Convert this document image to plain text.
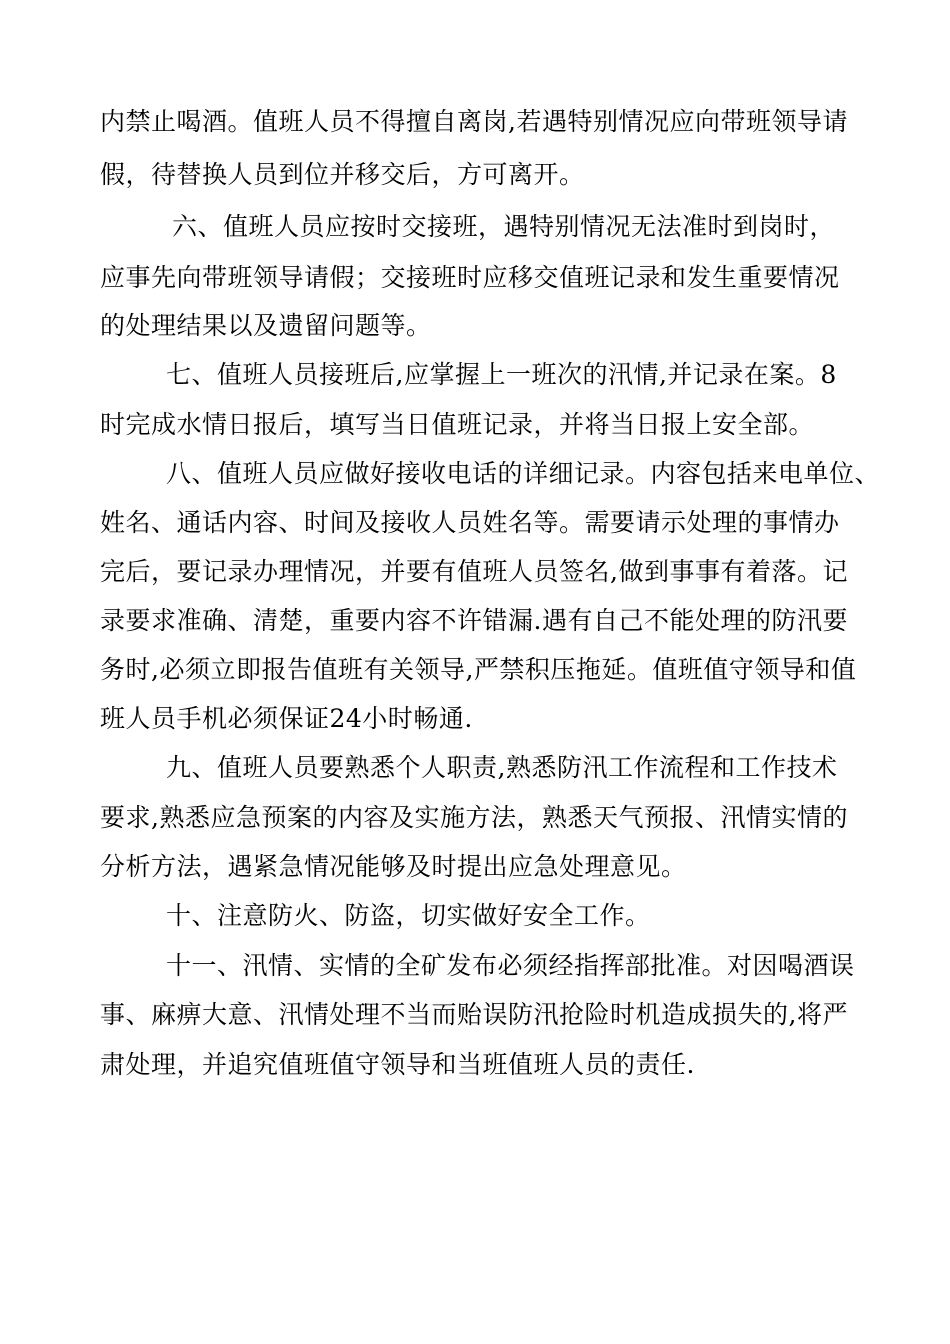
内禁止喝酒。值班人员不得擅自离岗,若遇特别情况应向带班领导请
假，待替换人员到位并移交后，方可离开。
六、值班人员应按时交接班，遇特别情况无法准时到岗时，
应事先向带班领导请假；交接班时应移交值班记录和发生重要情况
的处理结果以及遗留问题等。
七、值班人员接班后,应掌握上一班次的汛情,并记录在案。8
时完成水情日报后，填写当日值班记录，并将当日报上安全部。
八、值班人员应做好接收电话的详细记录。内容包括来电单位、
姓名、通话内容、时间及接收人员姓名等。需要请示处理的事情办
完后，要记录办理情况，并要有值班人员签名,做到事事有着落。记
录要求准确、清楚，重要内容不许错漏.遇有自己不能处理的防汛要
务时,必须立即报告值班有关领导,严禁积压拖延。值班值守领导和值
班人员手机必须保证24小时畅通.
九、值班人员要熟悉个人职责,熟悉防汛工作流程和工作技术
要求,熟悉应急预案的内容及实施方法，熟悉天气预报、汛情实情的
分析方法，遇紧急情况能够及时提出应急处理意见。
十、注意防火、防盗，切实做好安全工作。
十一、汛情、实情的全矿发布必须经指挥部批准。对因喝酒误
事、麻痹大意、汛情处理不当而贻误防汛抢险时机造成损失的,将严
肃处理，并追究值班值守领导和当班值班人员的责任.
